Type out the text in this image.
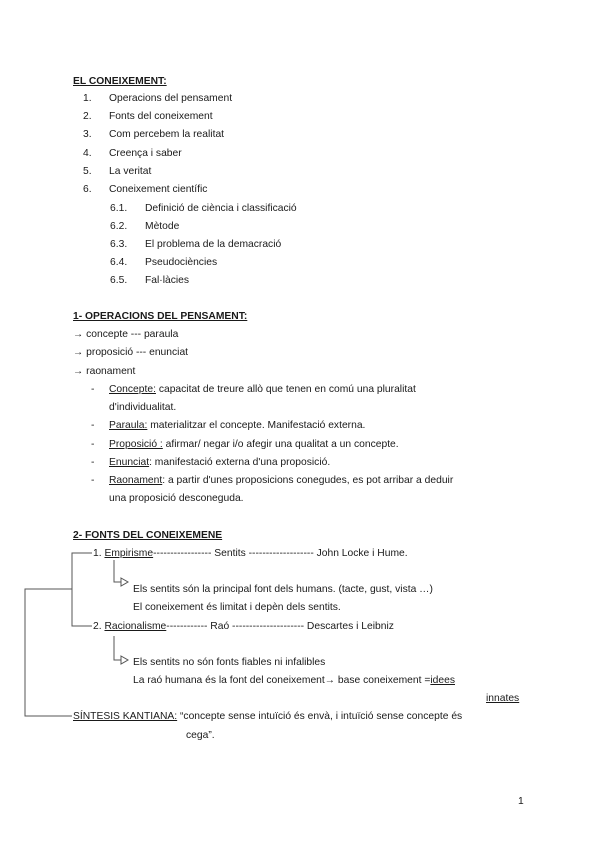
EL CONEIXEMENT:
1. Operacions del pensament
2. Fonts del coneixement
3. Com percebem la realitat
4. Creença i saber
5. La veritat
6. Coneixement científic
6.1. Definició de ciència i classificació
6.2. Mètode
6.3. El problema de la demacració
6.4. Pseudociències
6.5. Fal·làcies
1- OPERACIONS DEL PENSAMENT:
→ concepte --- paraula
→ proposició --- enunciat
→ raonament
- Concepte: capacitat de treure allò que tenen en comú una pluralitat
d'individualitat.
- Paraula: materialitzar el concepte. Manifestació externa.
- Proposició : afirmar/ negar i/o afegir una qualitat a un concepte.
- Enunciat: manifestació externa d'una proposició.
- Raonament: a partir d'unes proposicions conegudes, es pot arribar a deduir
una proposició desconeguda.
2- FONTS DEL CONEIXEMENE
1. Empirisme----------------- Sentits ------------------- John Locke i Hume.
Els sentits són la principal font dels humans. (tacte, gust, vista …)
El coneixement és limitat i depèn dels sentits.
2. Racionalisme------------ Raó --------------------- Descartes i Leibniz
Els sentits no són fonts fiables ni infalibles
La raó humana és la font del coneixement→ base coneixement =idees
innates
SÍNTESIS KANTIANA: “concepte sense intuïció és envà, i intuïció sense concepte és
cega”.
1
